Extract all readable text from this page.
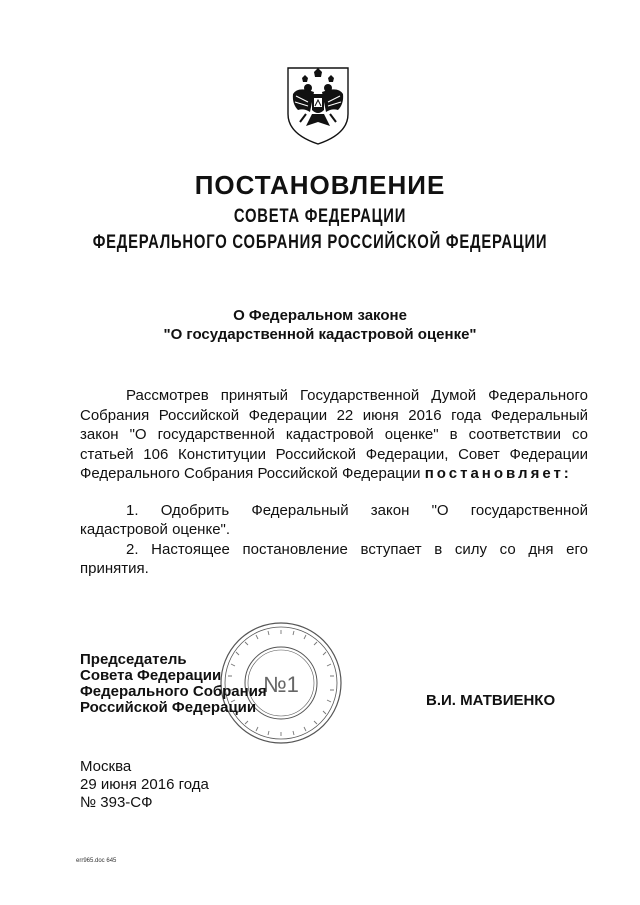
ПОСТАНОВЛЕНИЕ
СОВЕТА ФЕДЕРАЦИИ
ФЕДЕРАЛЬНОГО СОБРАНИЯ РОССИЙСКОЙ ФЕДЕРАЦИИ
О Федеральном законе
"О государственной кадастровой оценке"

Рассмотрев принятый Государственной Думой Федерального Собрания Российской Федерации 22 июня 2016 года Федеральный закон "О государственной кадастровой оценке" в соответствии со статьей 106 Конституции Российской Федерации, Совет Федерации Федерального Собрания Российской Федерации постановляет:

1. Одобрить Федеральный закон "О государственной кадастровой оценке".

2. Настоящее постановление вступает в силу со дня его принятия.

№1
Председатель
Совета Федерации
Федерального Собрания
Российской Федерации	В.И. МАТВИЕНКО
Москва
29 июня 2016 года
№ 393-СФ
err965.doc 645
